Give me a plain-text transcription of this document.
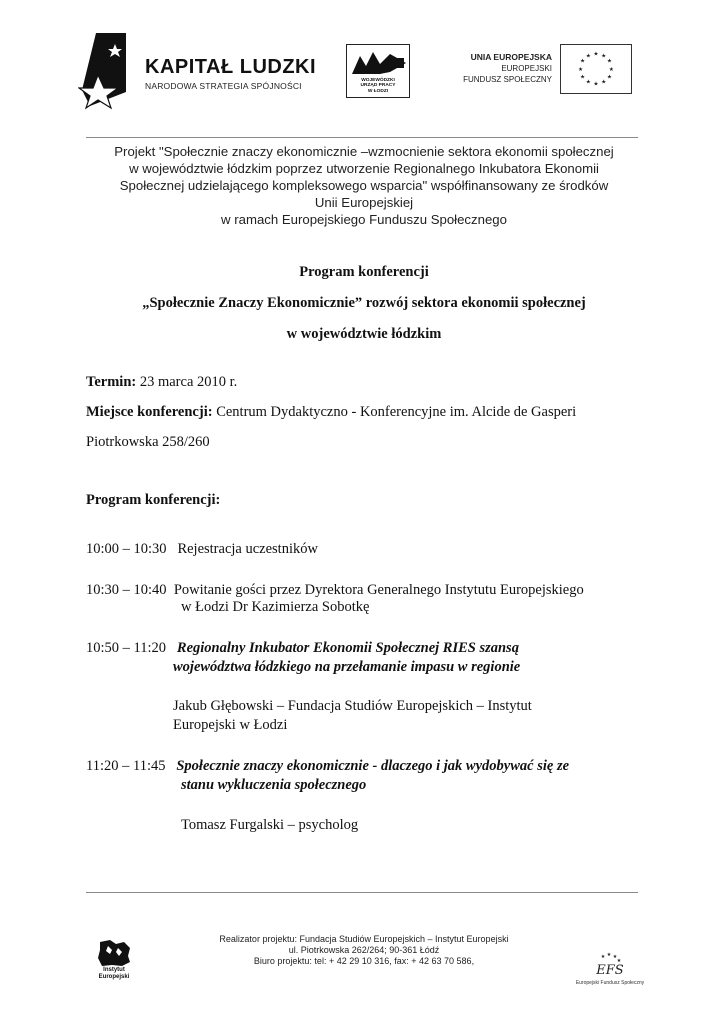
KAPITAŁ LUDZKI
NARODOWA STRATEGIA SPÓJNOŚCI
WOJEWÓDZKI
URZĄD PRACY
W ŁODZI
UNIA EUROPEJSKA
EUROPEJSKI
FUNDUSZ SPOŁECZNY
★ ★
★
★
★
★
★
★
★
★
★
★
Projekt "Społecznie znaczy ekonomicznie –wzmocnienie sektora ekonomii społecznej
w województwie łódzkim poprzez utworzenie Regionalnego Inkubatora Ekonomii
Społecznej udzielającego kompleksowego wsparcia" współfinansowany ze środków
Unii Europejskiej
w ramach Europejskiego Funduszu Społecznego
Program konferencji
„Społecznie Znaczy Ekonomicznie” rozwój sektora ekonomii społecznej
w województwie łódzkim
Termin: 23 marca 2010 r.
Miejsce konferencji: Centrum Dydaktyczno - Konferencyjne im. Alcide de Gasperi
Piotrkowska 258/260
Program konferencji:
10:00 – 10:30 Rejestracja uczestników
10:30 – 10:40 Powitanie gości przez Dyrektora Generalnego Instytutu Europejskiego
w Łodzi Dr Kazimierza Sobotkę
10:50 – 11:20 Regionalny Inkubator Ekonomii Społecznej RIES szansą
województwa łódzkiego na przełamanie impasu w regionie
Jakub Głębowski – Fundacja Studiów Europejskich – Instytut
Europejski w Łodzi
11:20 – 11:45 Społecznie znaczy ekonomicznie - dlaczego i jak wydobywać się ze
stanu wykluczenia społecznego
Tomasz Furgalski – psycholog
Instytut
Europejski
Realizator projektu: Fundacja Studiów Europejskich – Instytut Europejski
ul. Piotrkowska 262/264; 90-361 Łódź
Biuro projektu: tel: + 42 29 10 316, fax: + 42 63 70 586,	★ ★ ★
★
EFS
Europejski Fundusz Społeczny
